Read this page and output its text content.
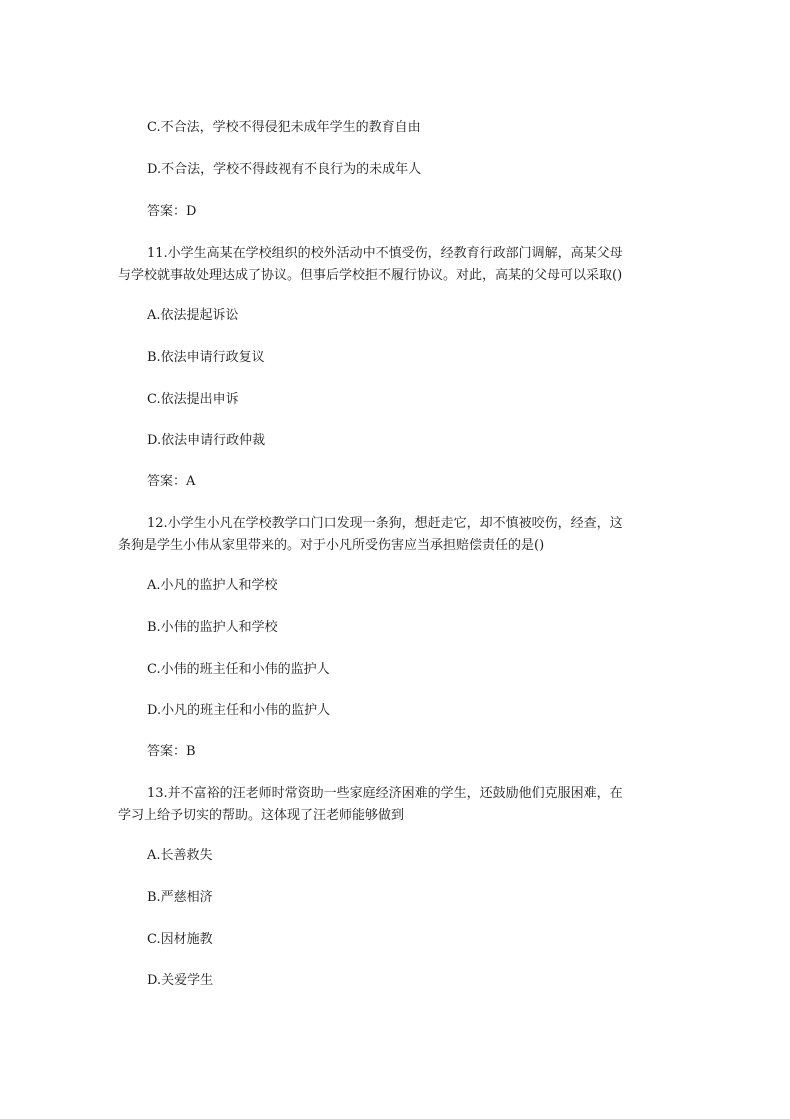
C.不合法，学校不得侵犯未成年学生的教育自由
D.不合法，学校不得歧视有不良行为的未成年人
答案：D
11.小学生高某在学校组织的校外活动中不慎受伤，经教育行政部门调解，高某父母
与学校就事故处理达成了协议。但事后学校拒不履行协议。对此，高某的父母可以采取()
A.依法提起诉讼
B.依法申请行政复议
C.依法提出申诉
D.依法申请行政仲裁
答案：A
12.小学生小凡在学校教学口门口发现一条狗，想赶走它，却不慎被咬伤，经查，这
条狗是学生小伟从家里带来的。对于小凡所受伤害应当承担赔偿责任的是()
A.小凡的监护人和学校
B.小伟的监护人和学校
C.小伟的班主任和小伟的监护人
D.小凡的班主任和小伟的监护人
答案：B
13.并不富裕的汪老师时常资助一些家庭经济困难的学生，还鼓励他们克服困难，在
学习上给予切实的帮助。这体现了汪老师能够做到
A.长善救失
B.严慈相济
C.因材施教
D.关爱学生
